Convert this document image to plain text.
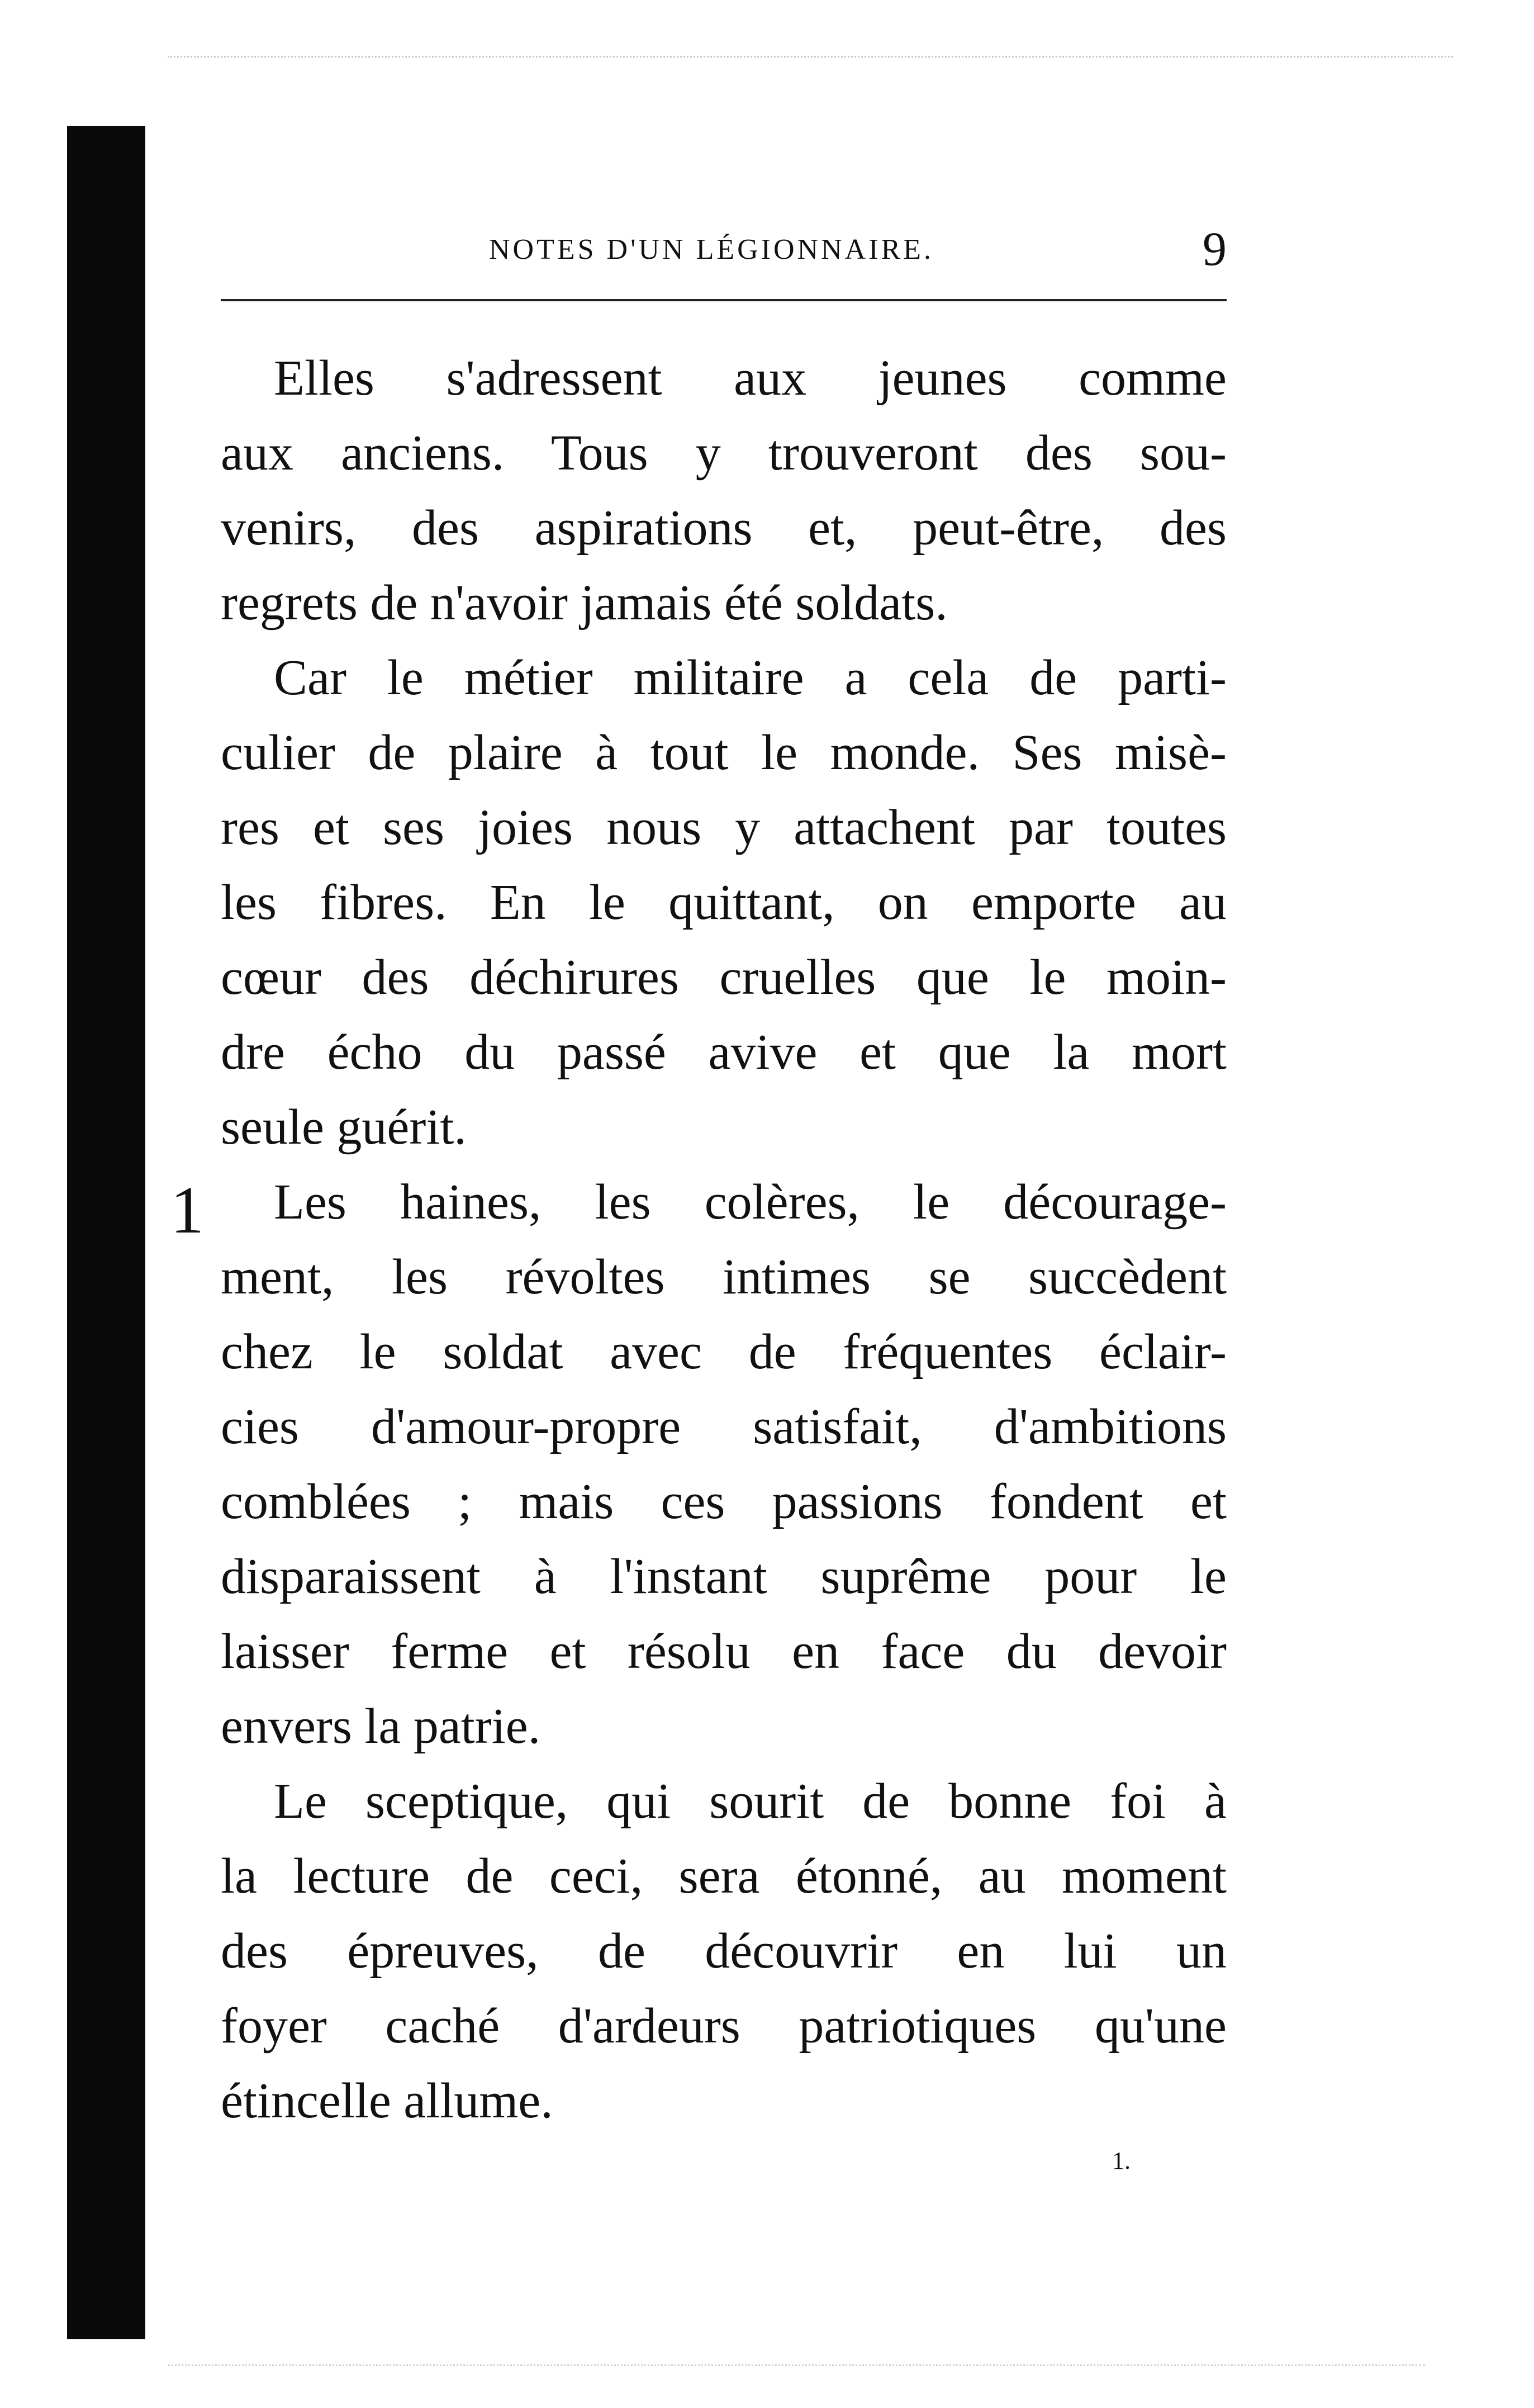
NOTES D'UN LÉGIONNAIRE.	9
1
Elles s'adressent aux jeunes comme
aux anciens. Tous y trouveront des sou-
venirs, des aspirations et, peut-être, des
regrets de n'avoir jamais été soldats.
Car le métier militaire a cela de parti-
culier de plaire à tout le monde. Ses misè-
res et ses joies nous y attachent par toutes
les fibres. En le quittant, on emporte au
cœur des déchirures cruelles que le moin-
dre écho du passé avive et que la mort
seule guérit.
Les haines, les colères, le découragе-
ment, les révoltes intimes se succèdent
chez le soldat avec de fréquentes éclair-
cies d'amour-propre satisfait, d'ambitions
comblées ; mais ces passions fondent et
disparaissent à l'instant suprême pour le
laisser ferme et résolu en face du devoir
envers la patrie.
Le sceptique, qui sourit de bonne foi à
la lecture de ceci, sera étonné, au moment
des épreuves, de découvrir en lui un
foyer caché d'ardeurs patriotiques qu'une
étincelle allume.
1.
